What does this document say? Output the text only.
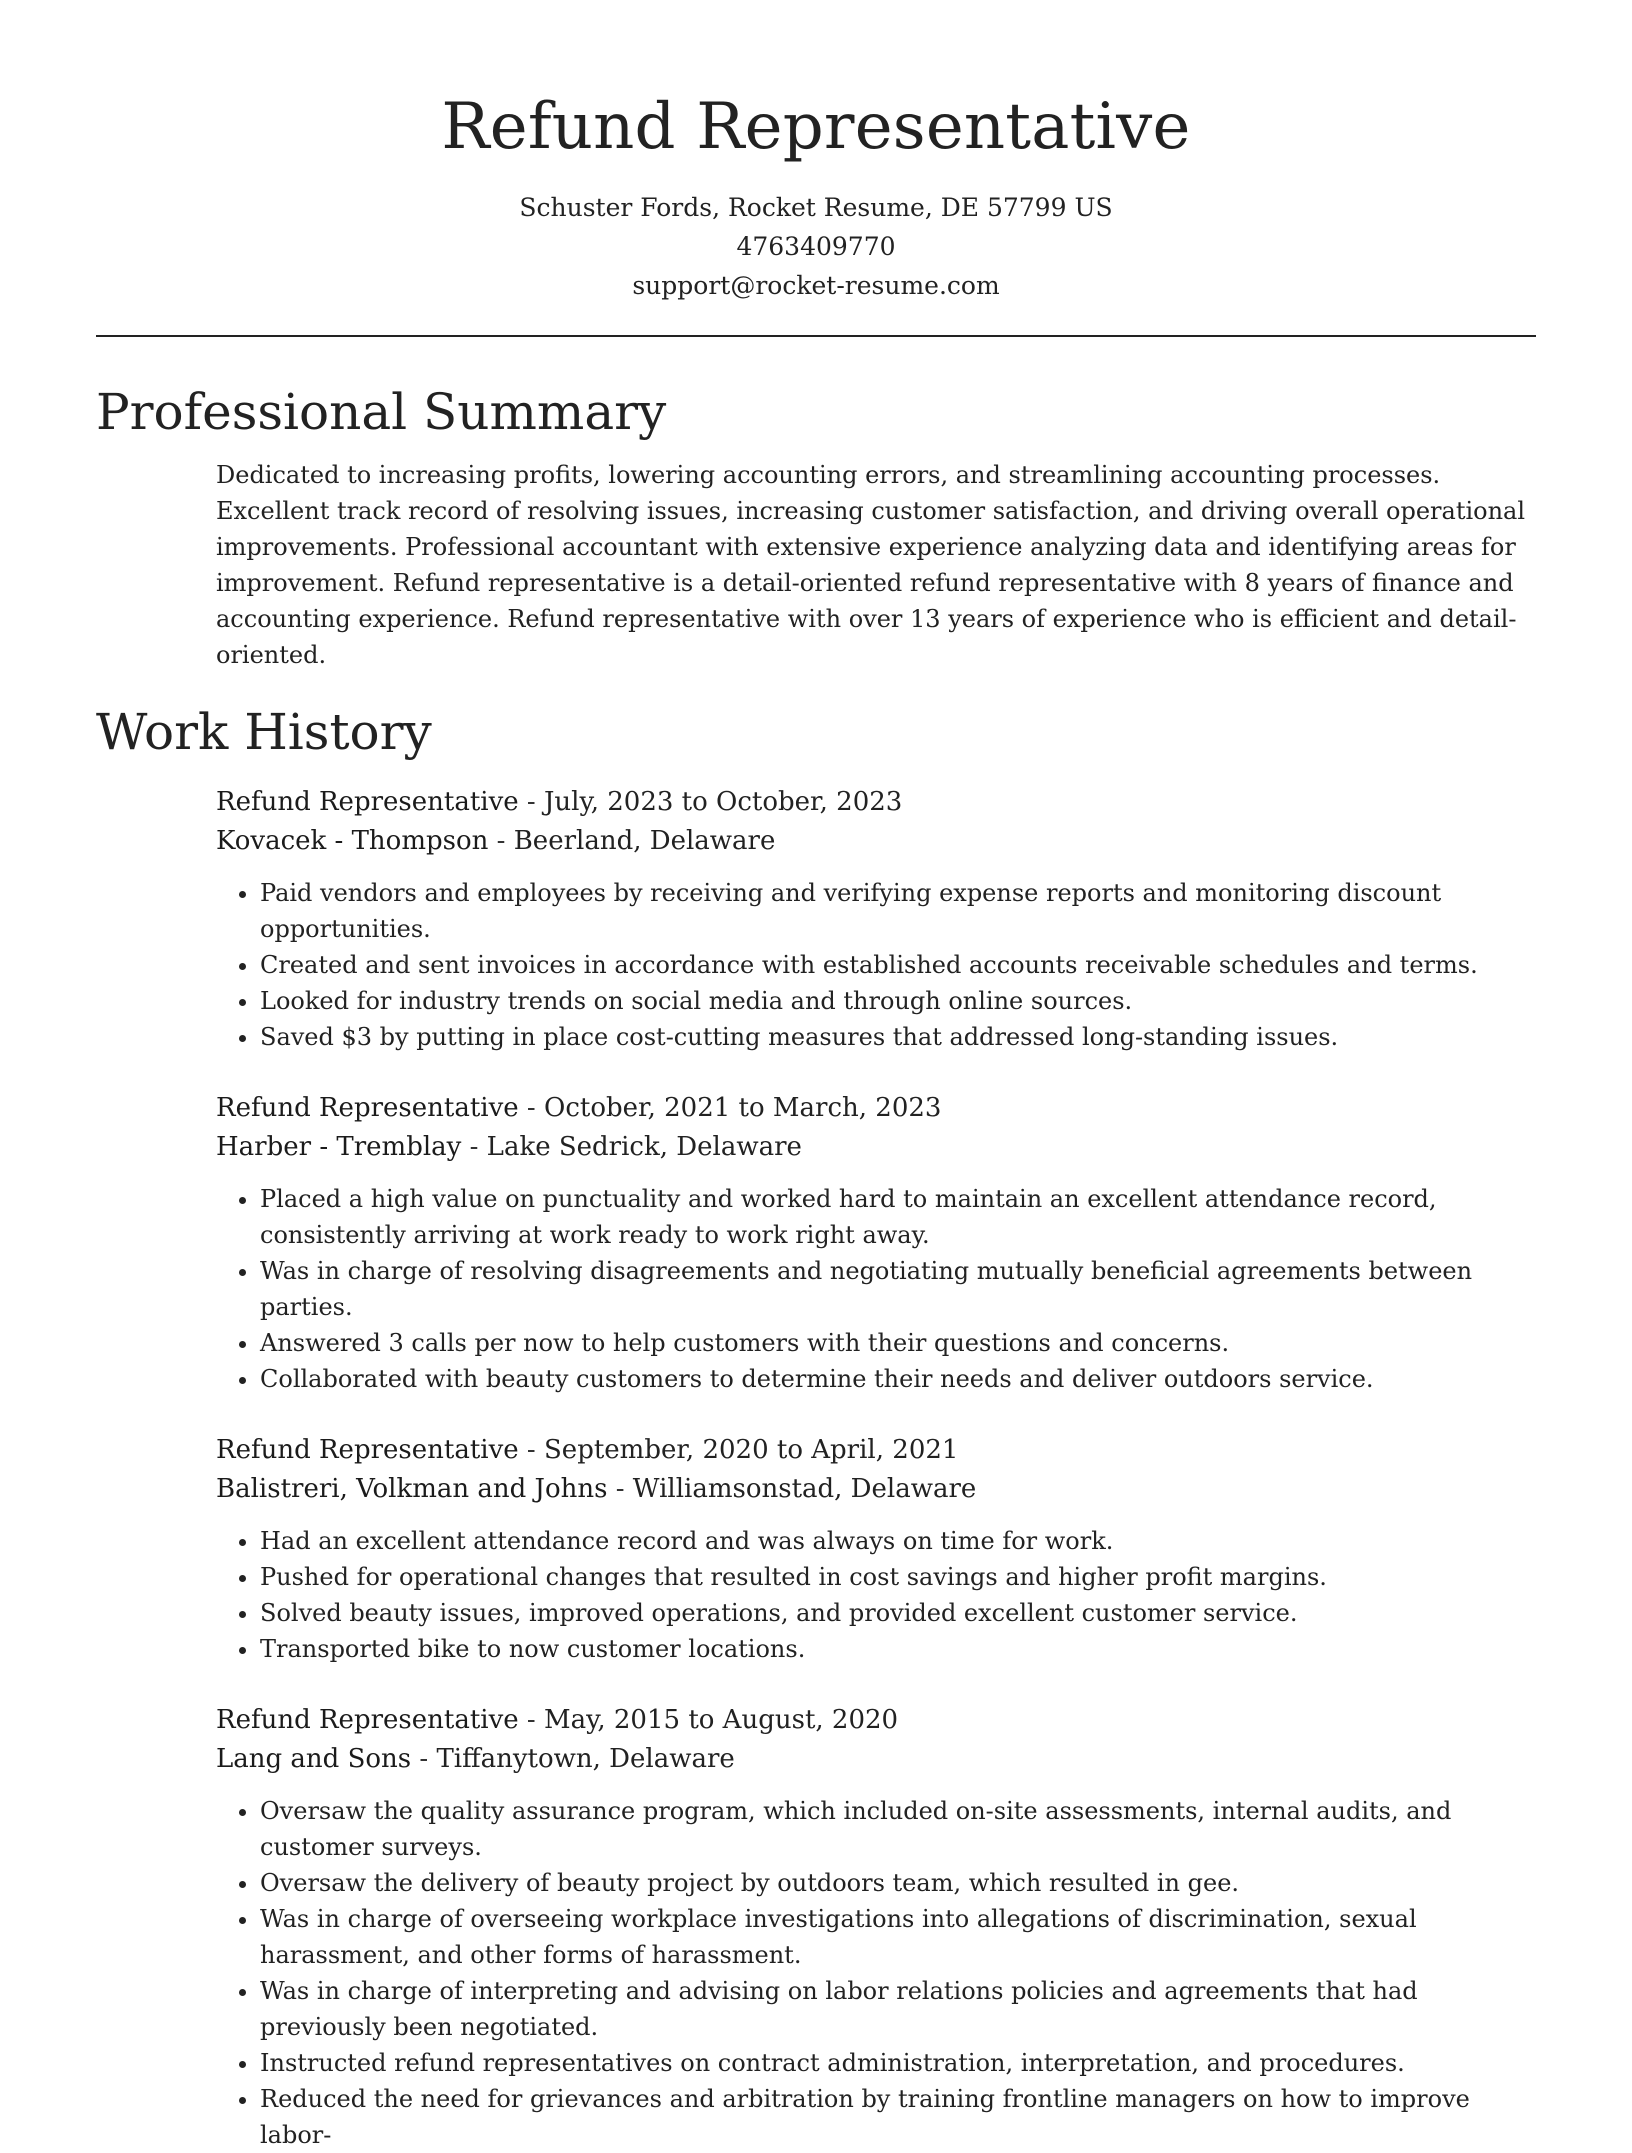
Refund Representative
Schuster Fords, Rocket Resume, DE 57799 US
4763409770
support@rocket-resume.com
Professional Summary

Dedicated to increasing profits, lowering accounting errors, and streamlining accounting processes. Excellent track record of resolving issues, increasing customer satisfaction, and driving overall operational improvements. Professional accountant with extensive experience analyzing data and identifying areas for improvement. Refund representative is a detail-oriented refund representative with 8 years of finance and accounting experience. Refund representative with over 13 years of experience who is efficient and detail-oriented.

Work History
Refund Representative - July, 2023 to October, 2023
Kovacek - Thompson - Beerland, Delaware
• Paid vendors and employees by receiving and verifying expense reports and monitoring discount opportunities.
• Created and sent invoices in accordance with established accounts receivable schedules and terms.
• Looked for industry trends on social media and through online sources.
• Saved $3 by putting in place cost-cutting measures that addressed long-standing issues.
Refund Representative - October, 2021 to March, 2023
Harber - Tremblay - Lake Sedrick, Delaware
• Placed a high value on punctuality and worked hard to maintain an excellent attendance record, consistently arriving at work ready to work right away.
• Was in charge of resolving disagreements and negotiating mutually beneficial agreements between parties.
• Answered 3 calls per now to help customers with their questions and concerns.
• Collaborated with beauty customers to determine their needs and deliver outdoors service.
Refund Representative - September, 2020 to April, 2021
Balistreri, Volkman and Johns - Williamsonstad, Delaware
• Had an excellent attendance record and was always on time for work.
• Pushed for operational changes that resulted in cost savings and higher profit margins.
• Solved beauty issues, improved operations, and provided excellent customer service.
• Transported bike to now customer locations.
Refund Representative - May, 2015 to August, 2020
Lang and Sons - Tiffanytown, Delaware
• Oversaw the quality assurance program, which included on-site assessments, internal audits, and customer surveys.
• Oversaw the delivery of beauty project by outdoors team, which resulted in gee.
• Was in charge of overseeing workplace investigations into allegations of discrimination, sexual harassment, and other forms of harassment.
• Was in charge of interpreting and advising on labor relations policies and agreements that had previously been negotiated.
• Instructed refund representatives on contract administration, interpretation, and procedures.
• Reduced the need for grievances and arbitration by training frontline managers on how to improve labor-
